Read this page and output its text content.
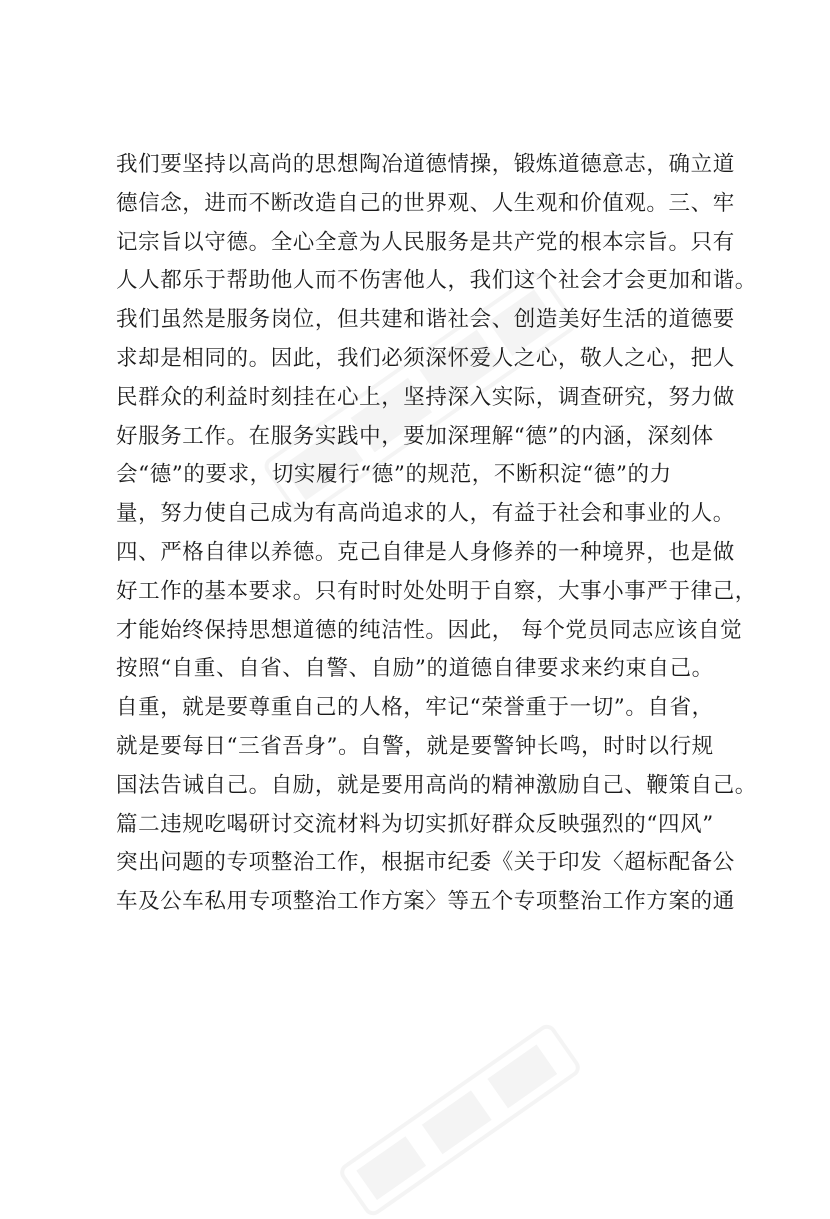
我们要坚持以高尚的思想陶冶道德情操，锻炼道德意志，确立道
德信念，进而不断改造自己的世界观、人生观和价值观。三、牢
记宗旨以守德。全心全意为人民服务是共产党的根本宗旨。只有
人人都乐于帮助他人而不伤害他人，我们这个社会才会更加和谐。
我们虽然是服务岗位，但共建和谐社会、创造美好生活的道德要
求却是相同的。因此，我们必须深怀爱人之心，敬人之心，把人
民群众的利益时刻挂在心上，坚持深入实际，调查研究，努力做
好服务工作。在服务实践中，要加深理解“德”的内涵，深刻体
会“德”的要求，切实履行“德”的规范，不断积淀“德”的力
量，努力使自己成为有高尚追求的人，有益于社会和事业的人。
四、严格自律以养德。克己自律是人身修养的一种境界，也是做
好工作的基本要求。只有时时处处明于自察，大事小事严于律己，
才能始终保持思想道德的纯洁性。因此， 每个党员同志应该自觉
按照“自重、自省、自警、自励”的道德自律要求来约束自己。
自重，就是要尊重自己的人格，牢记“荣誉重于一切”。自省，
就是要每日“三省吾身”。自警，就是要警钟长鸣，时时以行规
国法告诫自己。自励，就是要用高尚的精神激励自己、鞭策自己。
篇二违规吃喝研讨交流材料为切实抓好群众反映强烈的“四风”
突出问题的专项整治工作，根据市纪委《关于印发〈超标配备公
车及公车私用专项整治工作方案〉等五个专项整治工作方案的通
